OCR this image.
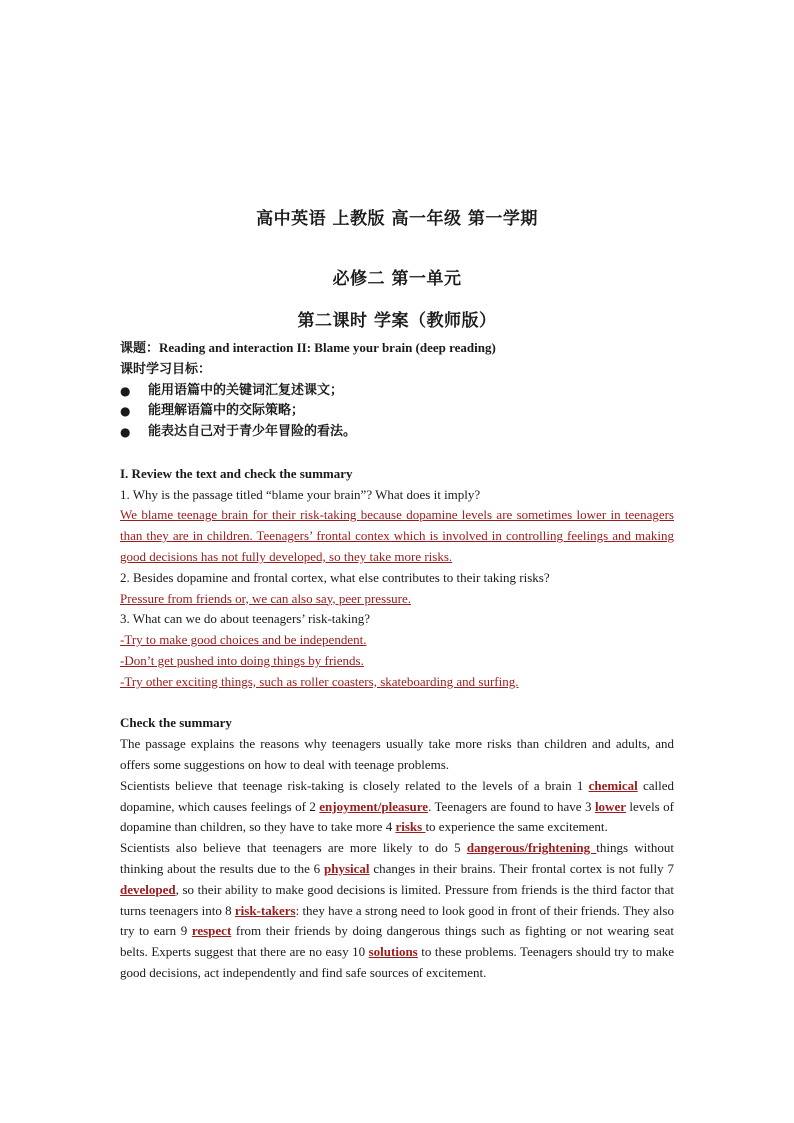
高中英语 上教版 高一年级 第一学期
必修二 第一单元
第二课时 学案（教师版）

课题：Reading and interaction II: Blame your brain (deep reading)

课时学习目标：

● 能用语篇中的关键词汇复述课文；
● 能理解语篇中的交际策略；
● 能表达自己对于青少年冒险的看法。

I. Review the text and check the summary

1. Why is the passage titled “blame your brain”? What does it imply?

We blame teenage brain for their risk-taking because dopamine levels are sometimes lower in teenagers than they are in children. Teenagers’ frontal contex which is involved in controlling feelings and making good decisions has not fully developed, so they take more risks.

2. Besides dopamine and frontal cortex, what else contributes to their taking risks?

Pressure from friends or, we can also say, peer pressure.

3. What can we do about teenagers’ risk-taking?

-Try to make good choices and be independent.

-Don’t get pushed into doing things by friends.

-Try other exciting things, such as roller coasters, skateboarding and surfing.

Check the summary

The passage explains the reasons why teenagers usually take more risks than children and adults, and offers some suggestions on how to deal with teenage problems.

Scientists believe that teenage risk-taking is closely related to the levels of a brain 1 chemical called dopamine, which causes feelings of 2 enjoyment/pleasure. Teenagers are found to have 3 lower levels of dopamine than children, so they have to take more 4 risks to experience the same excitement.

Scientists also believe that teenagers are more likely to do 5 dangerous/frightening things without thinking about the results due to the 6 physical changes in their brains. Their frontal cortex is not fully 7 developed, so their ability to make good decisions is limited. Pressure from friends is the third factor that turns teenagers into 8 risk-takers: they have a strong need to look good in front of their friends. They also try to earn 9 respect from their friends by doing dangerous things such as fighting or not wearing seat belts. Experts suggest that there are no easy 10 solutions to these problems. Teenagers should try to make good decisions, act independently and find safe sources of excitement.
